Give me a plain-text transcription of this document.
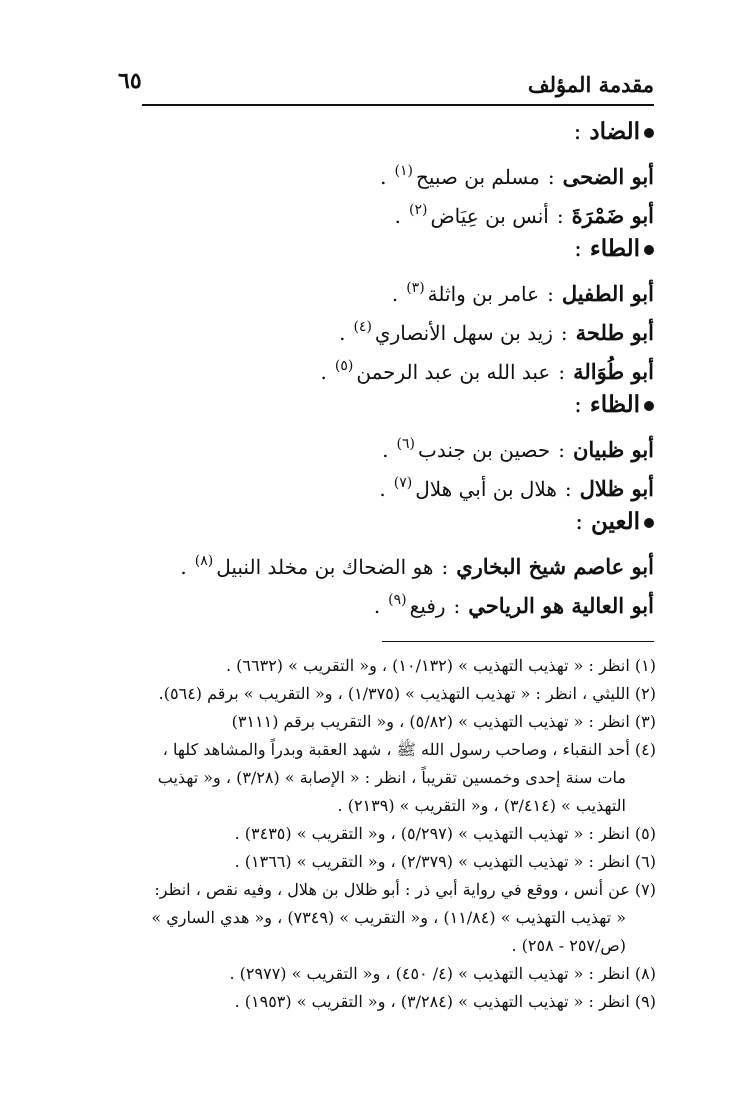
مقدمة المؤلف
٦٥
الضاد:
أبو الضحى:مسلم بن صبيح$^{(١)}$.
أبو ضَمْرَةَ:أنس بن عِيَاض$^{(٢)}$.
الطاء:
أبو الطفيل:عامر بن واثلة$^{(٣)}$.
أبو طلحة:زيد بن سهل الأنصاري$^{(٤)}$.
أبو طُوَالة:عبد الله بن عبد الرحمن$^{(٥)}$.
الظاء:
أبو ظبيان:حصين بن جندب$^{(٦)}$.
أبو ظلال:هلال بن أبي هلال$^{(٧)}$.
العين:
أبو عاصم شيخ البخاري:هو الضحاك بن مخلد النبيل$^{(٨)}$.
أبو العالية هو الرياحي:رفيع$^{(٩)}$.
(١) انظر : « تهذيب التهذيب » (١٠/١٣٢) ، و« التقريب » (٦٦٣٢) .
(٢) الليثي ، انظر : « تهذيب التهذيب » (١/٣٧٥) ، و« التقريب » برقم (٥٦٤).
(٣) انظر : « تهذيب التهذيب » (٥/٨٢) ، و« التقريب برقم (٣١١١)
(٤) أحد النقباء ، وصاحب رسول الله ﷺ ، شهد العقبة وبدراً والمشاهد كلها ،
مات سنة إحدى وخمسين تقريباً ، انظر : « الإصابة » (٣/٢٨) ، و« تهذيب
التهذيب » (٣/٤١٤) ، و« التقريب » (٢١٣٩) .
(٥) انظر : « تهذيب التهذيب » (٥/٢٩٧) ، و« التقريب » (٣٤٣٥) .
(٦) انظر : « تهذيب التهذيب » (٢/٣٧٩) ، و« التقريب » (١٣٦٦) .
(٧) عن أنس ، ووقع في رواية أبي ذر : أبو ظلال بن هلال ، وفيه نقص ، انظر:
« تهذيب التهذيب » (١١/٨٤) ، و« التقريب » (٧٣٤٩) ، و« هدي الساري »
(ص/٢٥٧ - ٢٥٨) .
(٨) انظر : « تهذيب التهذيب » (٤/ ٤٥٠) ، و« التقريب » (٢٩٧٧) .
(٩) انظر : « تهذيب التهذيب » (٣/٢٨٤) ، و« التقريب » (١٩٥٣) .
